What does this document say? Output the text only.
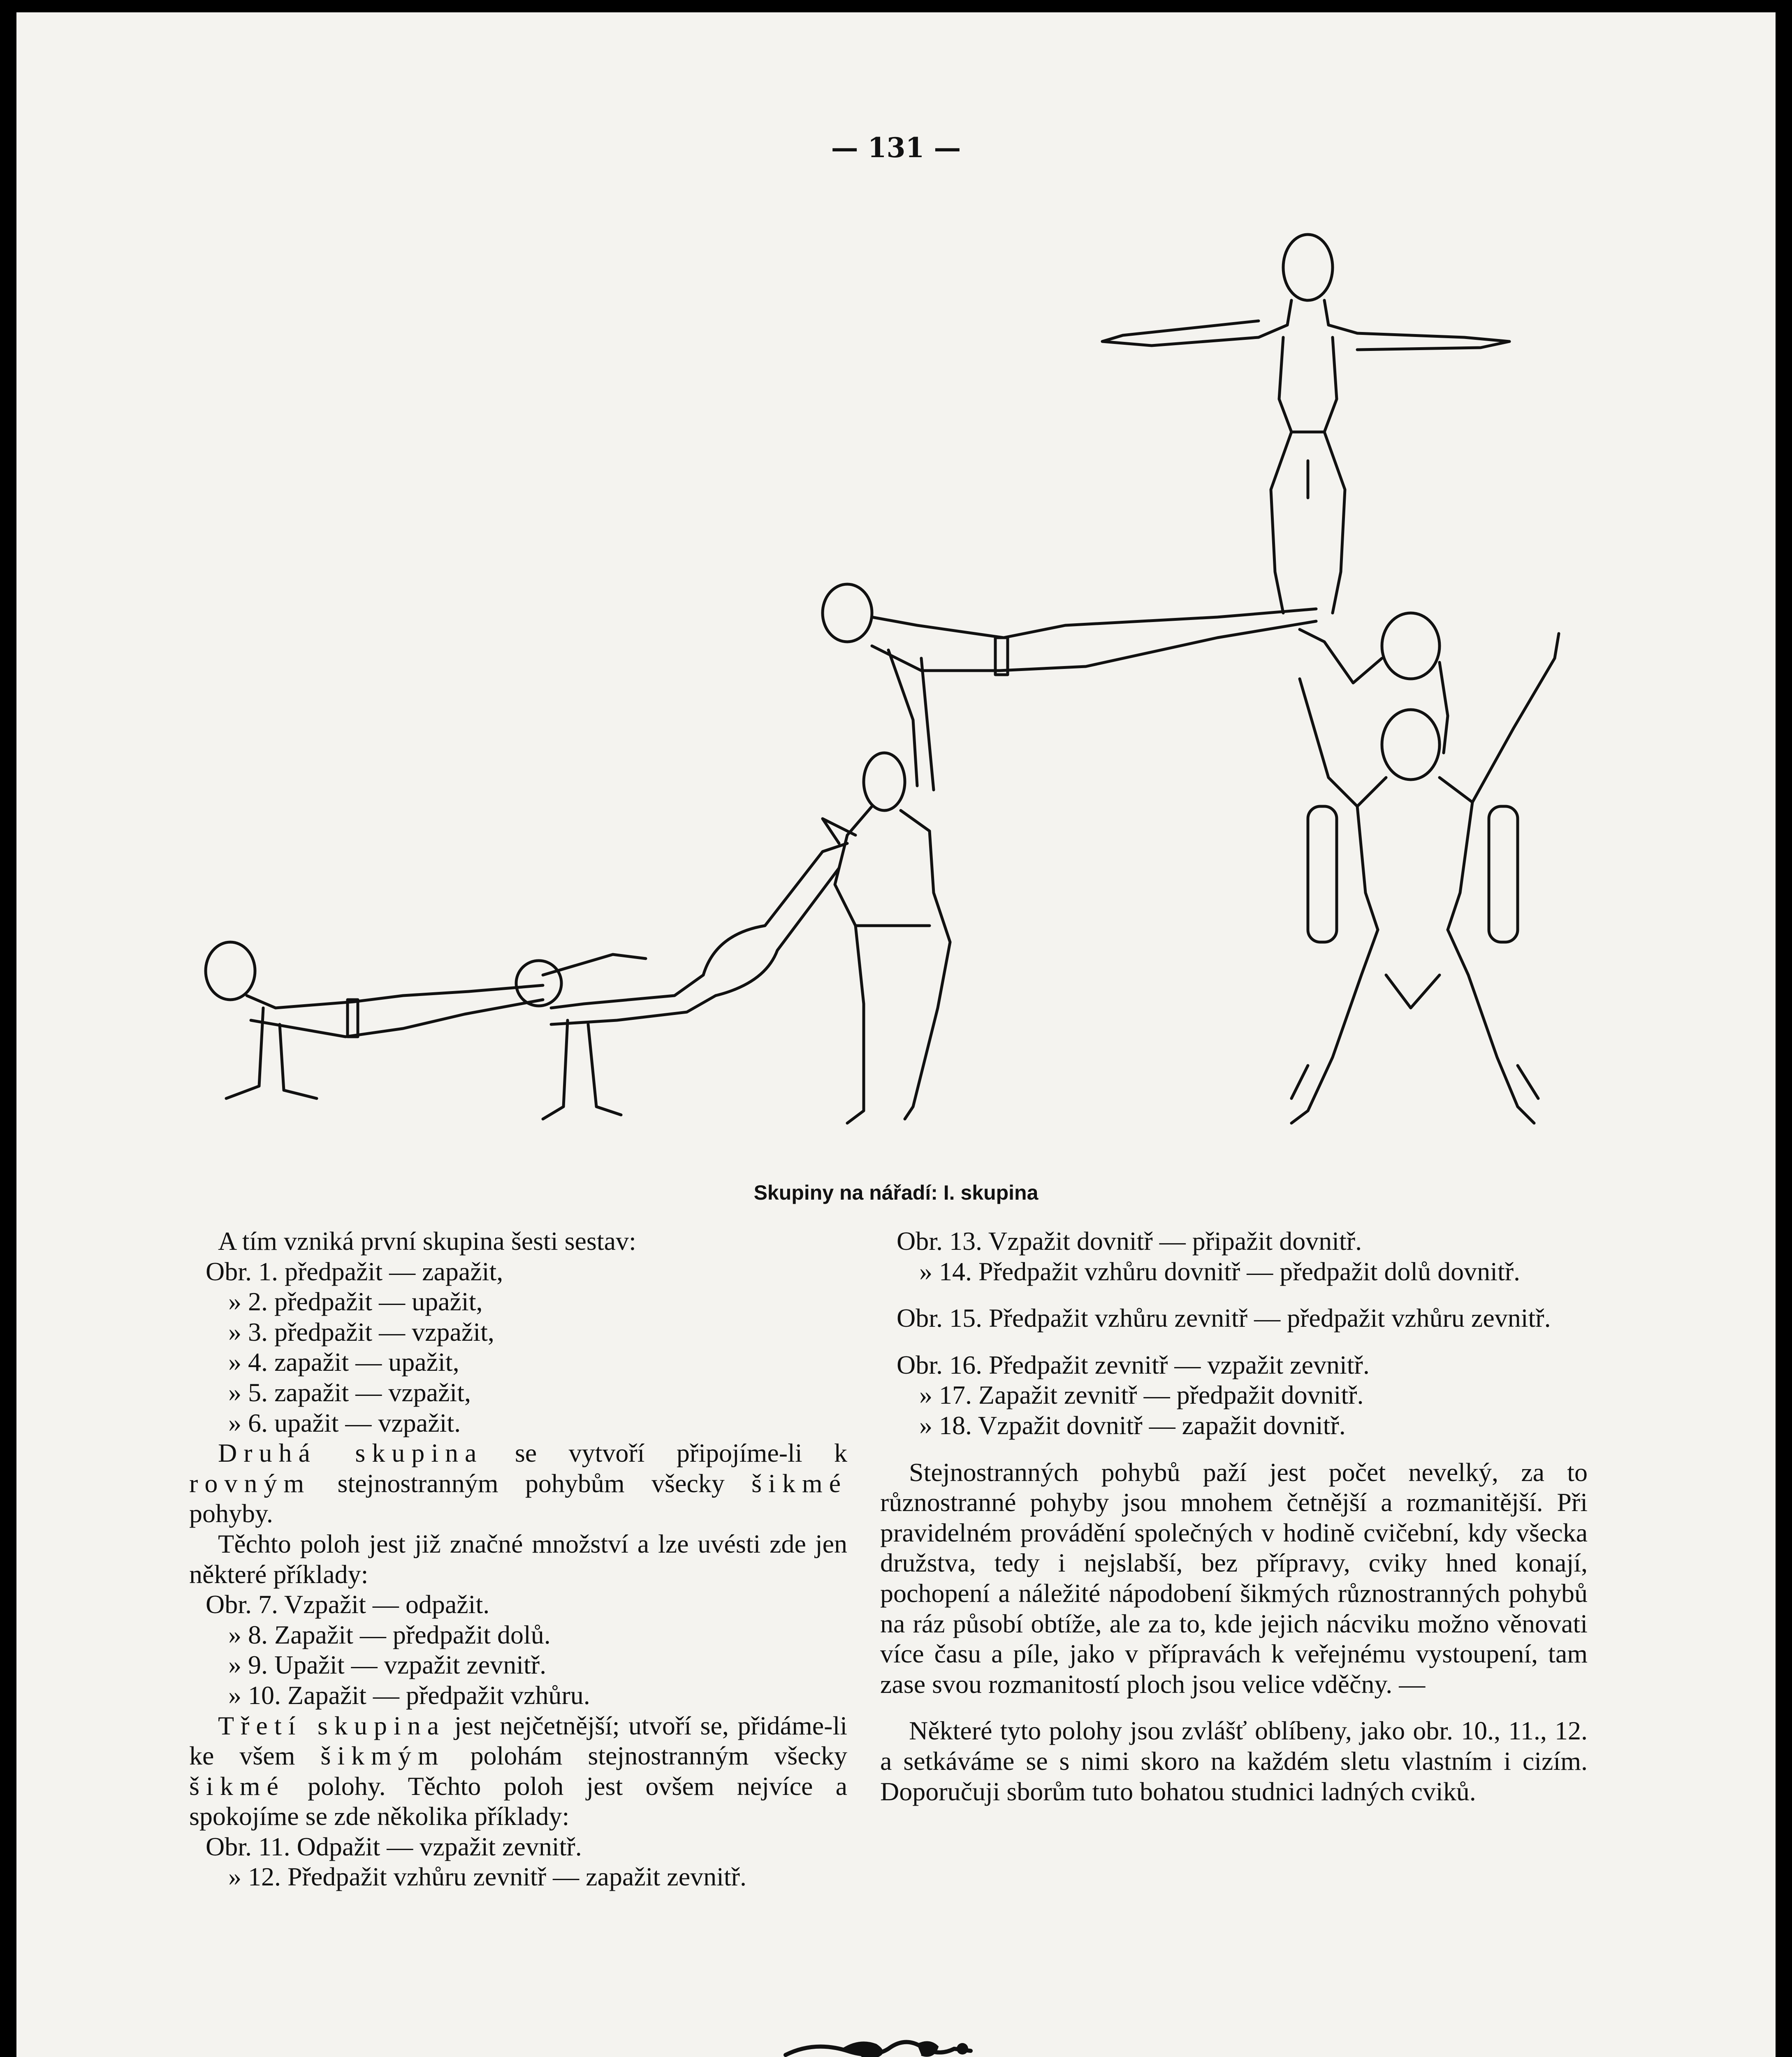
— 131 —
Skupiny na nářadí: I. skupina

A tím vzniká první skupina šesti sestav:

Obr. 1. předpažit — zapažit,

» 2. předpažit — upažit,

» 3. předpažit — vzpažit,

» 4. zapažit — upažit,

» 5. zapažit — vzpažit,

» 6. upažit — vzpažit.

Druhá skupina se vytvoří připojíme-li k rovným stejnostranným pohybům všecky šikmé pohyby.

Těchto poloh jest již značné množství a lze uvésti zde jen některé příklady:

Obr. 7. Vzpažit — odpažit.

» 8. Zapažit — předpažit dolů.

» 9. Upažit — vzpažit zevnitř.

» 10. Zapažit — předpažit vzhůru.

Třetí skupina jest nejčetnější; utvoří se, přidáme-li ke všem šikmým polohám stejnostranným všecky šikmé polohy. Těchto poloh jest ovšem nejvíce a spokojíme se zde několika příklady:

Obr. 11. Odpažit — vzpažit zevnitř.

» 12. Předpažit vzhůru zevnitř — zapažit zevnitř.

Obr. 13. Vzpažit dovnitř — připažit dovnitř.

» 14. Předpažit vzhůru dovnitř — předpažit dolů dovnitř.

Obr. 15. Předpažit vzhůru zevnitř — předpažit vzhůru zevnitř.

Obr. 16. Předpažit zevnitř — vzpažit zevnitř.

» 17. Zapažit zevnitř — předpažit dovnitř.

» 18. Vzpažit dovnitř — zapažit dovnitř.

Stejnostranných pohybů paží jest počet nevelký, za to různostranné pohyby jsou mnohem četnější a rozmanitější. Při pravidelném provádění společných v hodině cvičební, kdy všecka družstva, tedy i nejslabší, bez přípravy, cviky hned konají, pochopení a náležité nápodobení šikmých různostranných pohybů na ráz působí obtíže, ale za to, kde jejich nácviku možno věnovati více času a píle, jako v přípravách k veřejnému vystoupení, tam zase svou rozmanitostí ploch jsou velice vděčny. —

Některé tyto polohy jsou zvlášť oblíbeny, jako obr. 10., 11., 12. a setkáváme se s nimi skoro na každém sletu vlastním i cizím. Doporučuji sborům tuto bohatou studnici ladných cviků.
